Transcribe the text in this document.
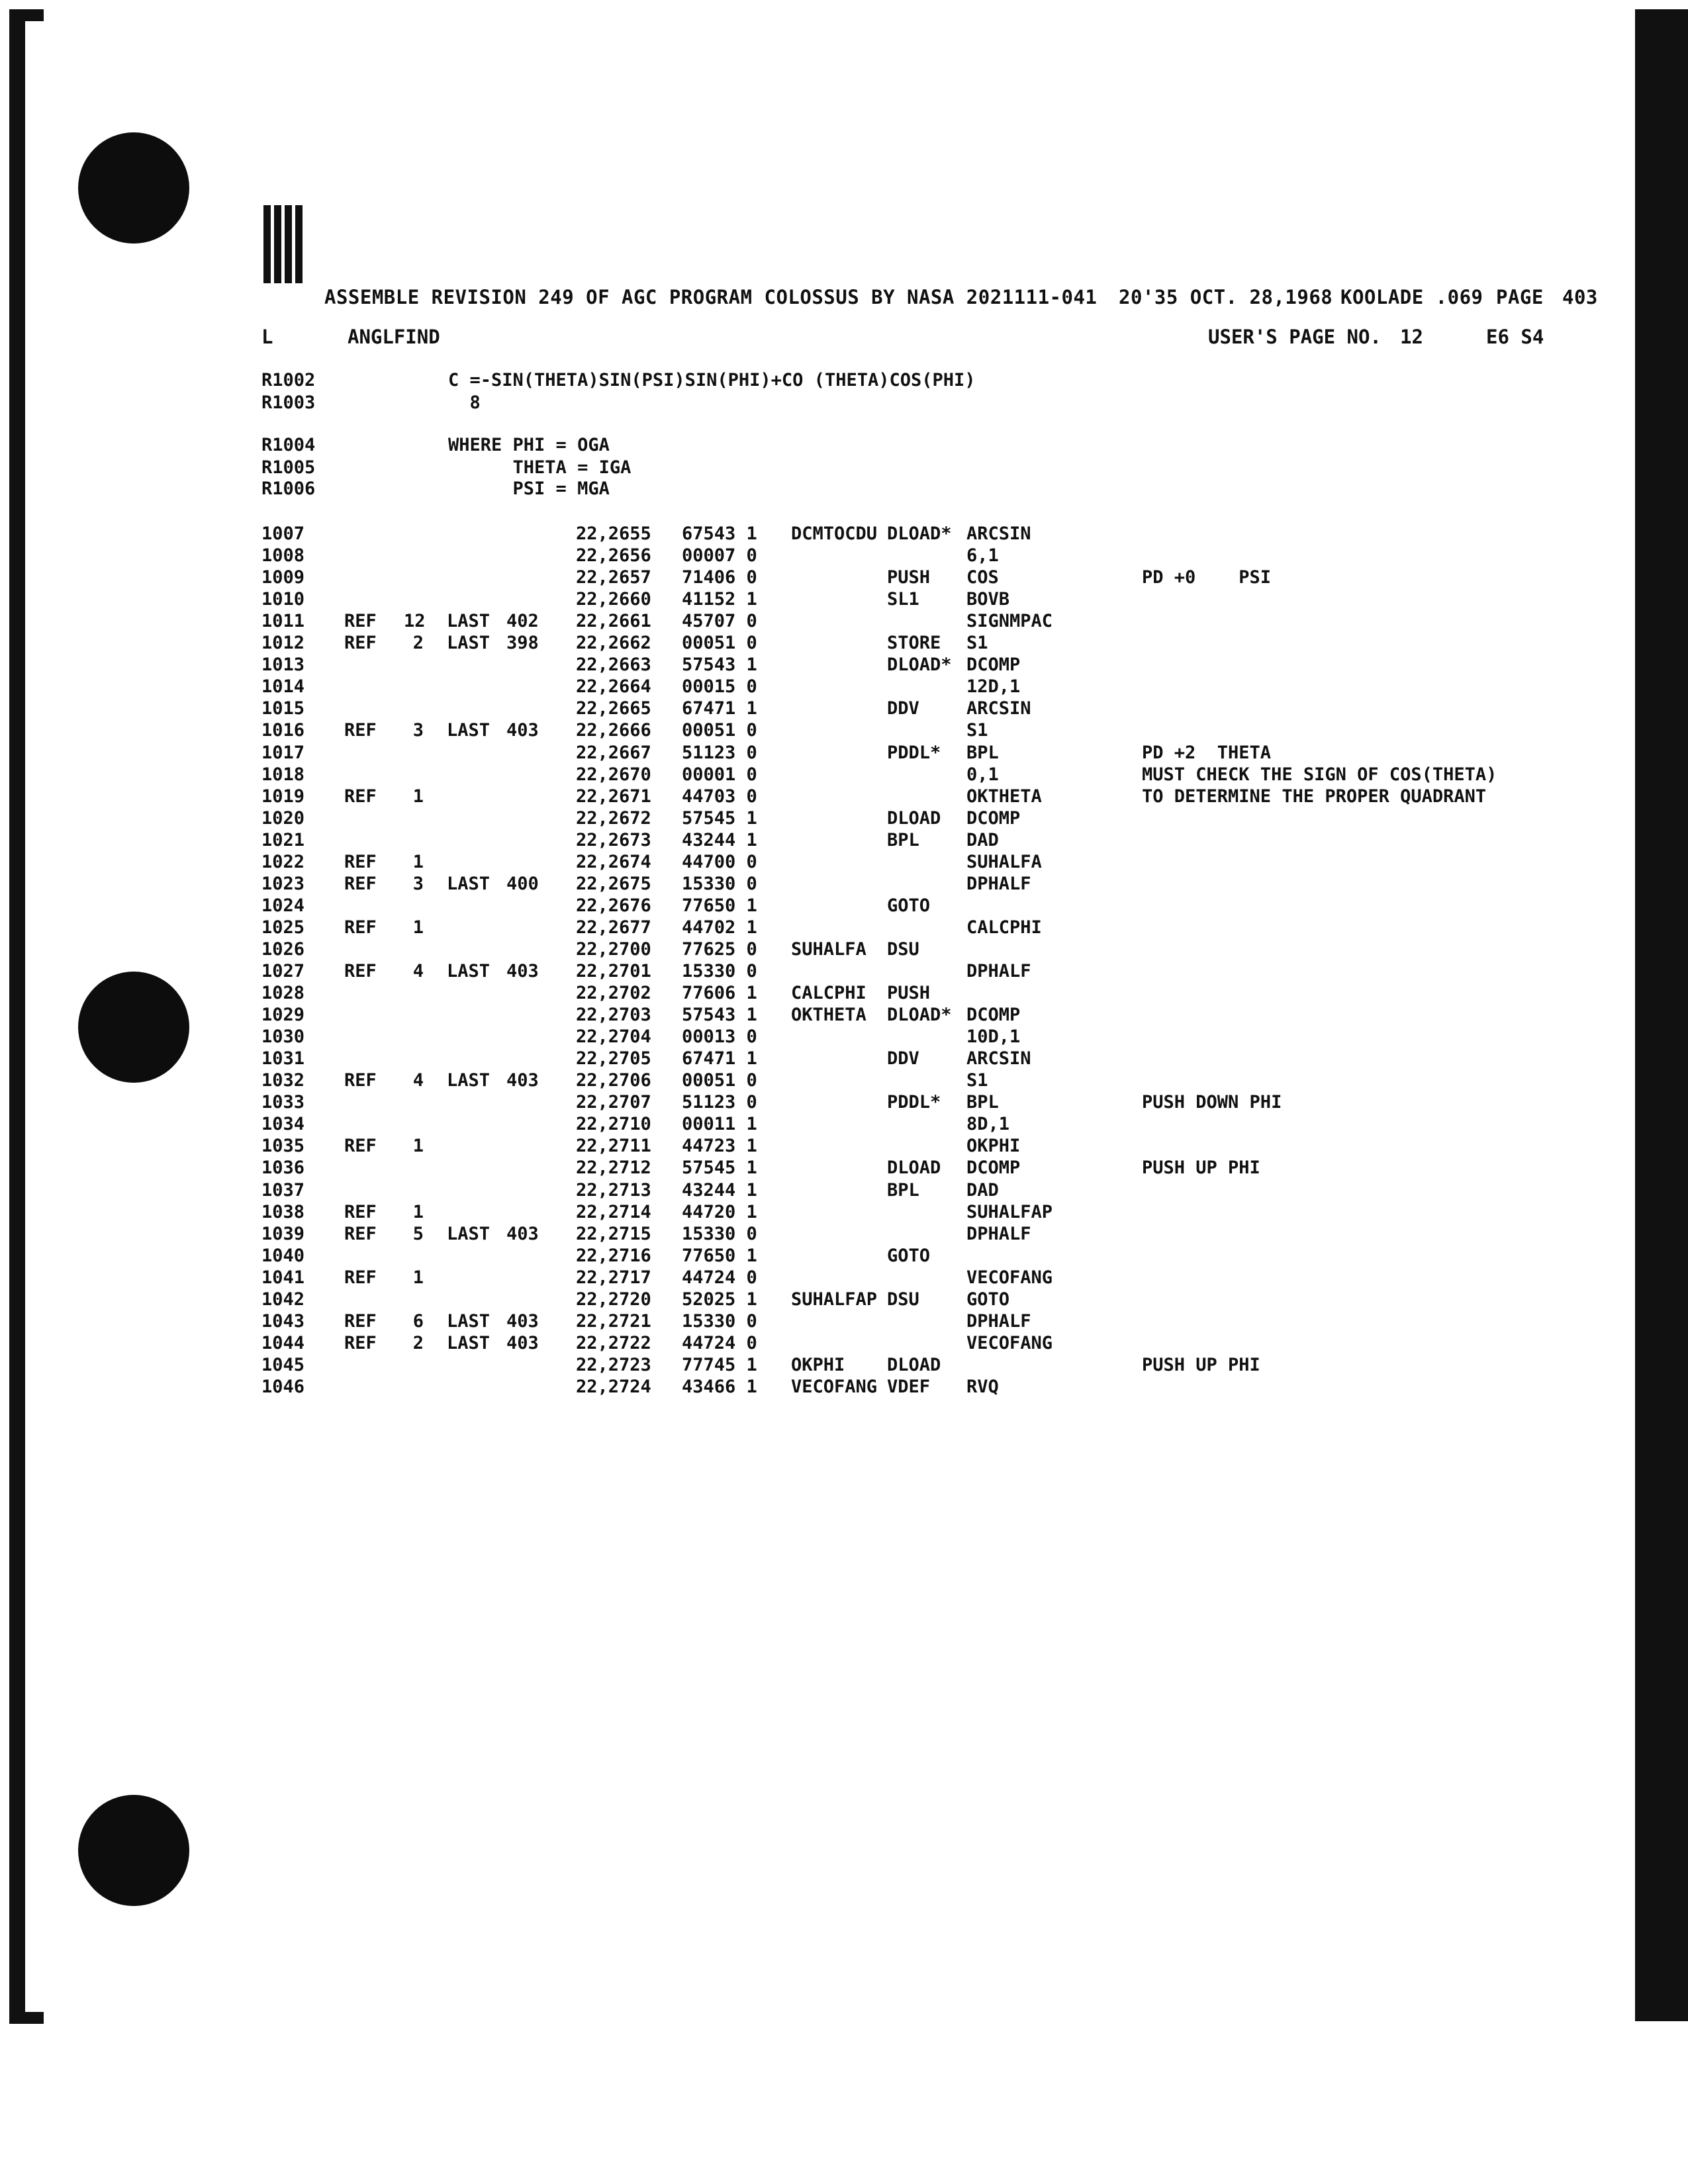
ASSEMBLE REVISION 249 OF AGC PROGRAM COLOSSUS BY NASA 2021111-041 20'35 OCT. 28,1968 KOOLADE .069 PAGE 403
L	ANGLFIND	USER'S PAGE NO. 12	E6 S4
R1002	C =-SIN(THETA)SIN(PSI)SIN(PHI)+CO (THETA)COS(PHI)
R1003	8
R1004	WHERE PHI = OGA
R1005	THETA = IGA
R1006	PSI = MGA
1007	22,2655 67543 1 DCMTOCDU DLOAD* ARCSIN
1008	22,2656 00007 0	6,1
1009	22,2657 71406 0	PUSH COS	PD +0    PSI
1010	22,2660 41152 1	SL1	BOVB
1011 REF 12 LAST 402 22,2661 45707 0	SIGNMPAC
1012 REF	2 LAST 398 22,2662 00051 0	STORE S1
1013	22,2663 57543 1	DLOAD* DCOMP
1014	22,2664 00015 0	12D,1
1015	22,2665 67471 1	DDV	ARCSIN
1016 REF	3 LAST 403 22,2666 00051 0	S1
1017	22,2667 51123 0	PDDL* BPL	PD +2  THETA
1018	22,2670 00001 0	0,1	MUST CHECK THE SIGN OF COS(THETA)
1019 REF	1	22,2671 44703 0	OKTHETA	TO DETERMINE THE PROPER QUADRANT
1020	22,2672 57545 1	DLOAD DCOMP
1021	22,2673 43244 1	BPL	DAD
1022 REF	1	22,2674 44700 0	SUHALFA
1023 REF	3 LAST 400 22,2675 15330 0	DPHALF
1024	22,2676 77650 1	GOTO
1025 REF	1	22,2677 44702 1	CALCPHI
1026	22,2700 77625 0 SUHALFA DSU
1027 REF	4 LAST 403 22,2701 15330 0	DPHALF
1028	22,2702 77606 1 CALCPHI PUSH
1029	22,2703 57543 1 OKTHETA DLOAD* DCOMP
1030	22,2704 00013 0	10D,1
1031	22,2705 67471 1	DDV	ARCSIN
1032 REF	4 LAST 403 22,2706 00051 0	S1
1033	22,2707 51123 0	PDDL* BPL	PUSH DOWN PHI
1034	22,2710 00011 1	8D,1
1035 REF	1	22,2711 44723 1	OKPHI
1036	22,2712 57545 1	DLOAD DCOMP	PUSH UP PHI
1037	22,2713 43244 1	BPL	DAD
1038 REF	1	22,2714 44720 1	SUHALFAP
1039 REF	5 LAST 403 22,2715 15330 0	DPHALF
1040	22,2716 77650 1	GOTO
1041 REF	1	22,2717 44724 0	VECOFANG
1042	22,2720 52025 1 SUHALFAP DSU	GOTO
1043 REF	6 LAST 403 22,2721 15330 0	DPHALF
1044 REF	2 LAST 403 22,2722 44724 0	VECOFANG
1045	22,2723 77745 1 OKPHI DLOAD	PUSH UP PHI
1046	22,2724 43466 1 VECOFANG VDEF RVQ
